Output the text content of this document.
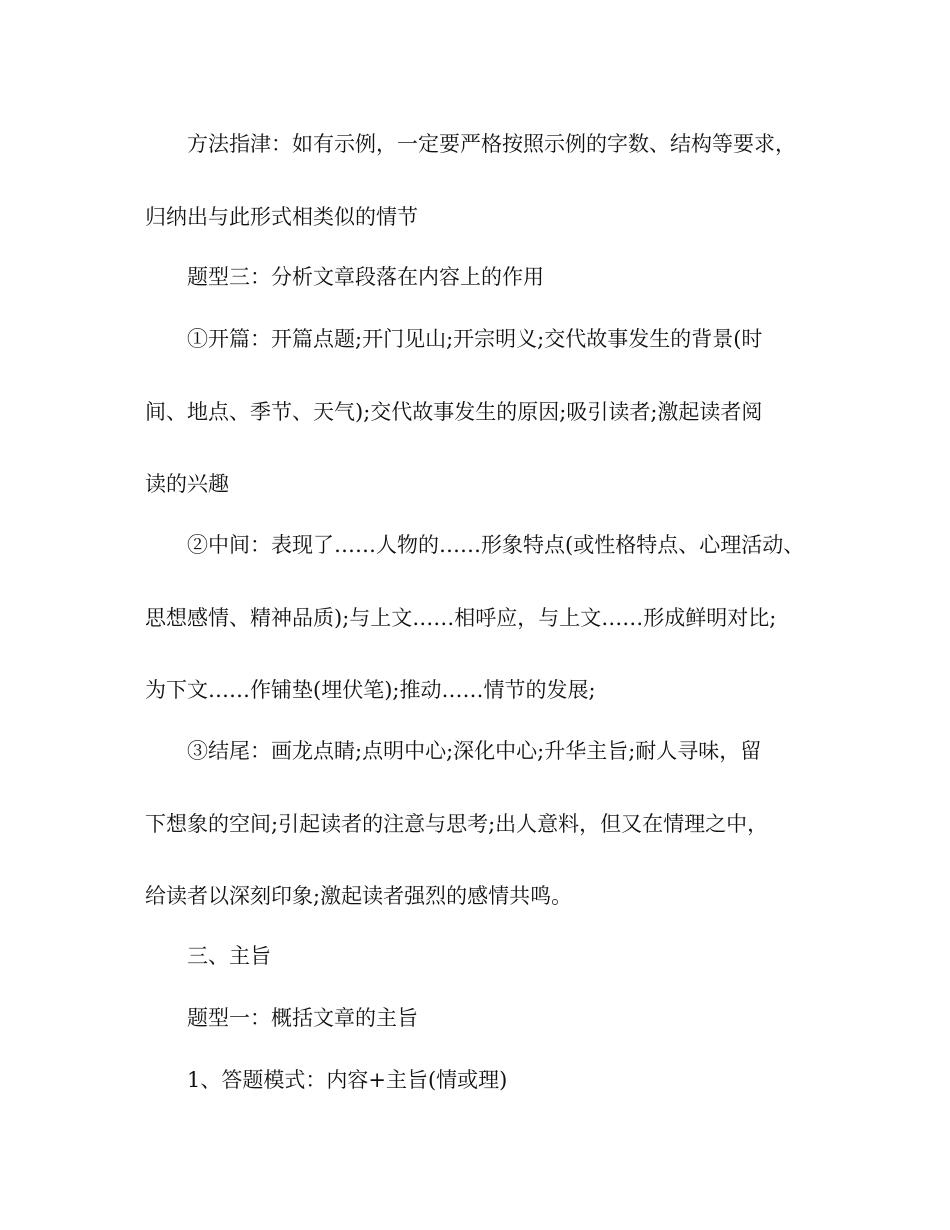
方法指津：如有示例，一定要严格按照示例的字数、结构等要求，
归纳出与此形式相类似的情节
题型三：分析文章段落在内容上的作用
①开篇：开篇点题;开门见山;开宗明义;交代故事发生的背景(时
间、地点、季节、天气);交代故事发生的原因;吸引读者;激起读者阅
读的兴趣
②中间：表现了……人物的……形象特点(或性格特点、心理活动、
思想感情、精神品质);与上文……相呼应，与上文……形成鲜明对比;
为下文……作铺垫(埋伏笔);推动……情节的发展;
③结尾：画龙点睛;点明中心;深化中心;升华主旨;耐人寻味，留
下想象的空间;引起读者的注意与思考;出人意料，但又在情理之中，
给读者以深刻印象;激起读者强烈的感情共鸣。
三、主旨
题型一：概括文章的主旨
1、答题模式：内容+主旨(情或理)
